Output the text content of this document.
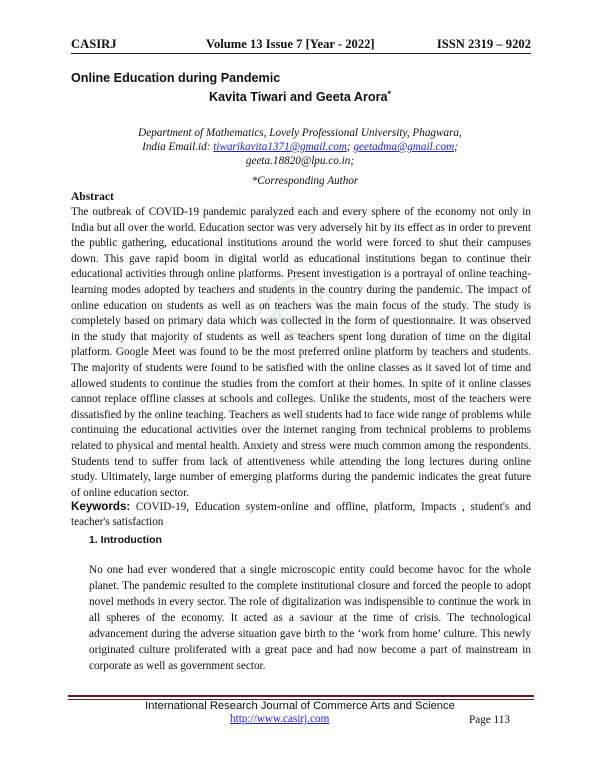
CASIRJ	Volume 13 Issue 7 [Year - 2022]	ISSN 2319 – 9202
Online Education during Pandemic
Kavita Tiwari and Geeta Arora*
Department of Mathematics, Lovely Professional University, Phagwara,
India Email.id: tiwarikavita1371@gmail.com; geetadma@gmail.com;
geeta.18820@lpu.co.in;
*Corresponding Author
Abstract

The outbreak of COVID-19 pandemic paralyzed each and every sphere of the economy not only in India but all over the world. Education sector was very adversely hit by its effect as in order to prevent the public gathering, educational institutions around the world were forced to shut their campuses down. This gave rapid boom in digital world as educational institutions began to continue their educational activities through online platforms. Present investigation is a portrayal of online teaching-learning modes adopted by teachers and students in the country during the pandemic. The impact of online education on students as well as on teachers was the main focus of the study. The study is completely based on primary data which was collected in the form of questionnaire. It was observed in the study that majority of students as well as teachers spent long duration of time on the digital platform. Google Meet was found to be the most preferred online platform by teachers and students. The majority of students were found to be satisfied with the online classes as it saved lot of time and allowed students to continue the studies from the comfort at their homes. In spite of it online classes cannot replace offline classes at schools and colleges. Unlike the students, most of the teachers were dissatisfied by the online teaching. Teachers as well students had to face wide range of problems while continuing the educational activities over the internet ranging from technical problems to problems related to physical and mental health. Anxiety and stress were much common among the respondents. Students tend to suffer from lack of attentiveness while attending the long lectures during online study. Ultimately, large number of emerging platforms during the pandemic indicates the great future of online education sector.

Keywords: COVID-19, Education system-online and offline, platform, Impacts , student's and teacher's satisfaction

1. Introduction

No one had ever wondered that a single microscopic entity could become havoc for the whole planet. The pandemic resulted to the complete institutional closure and forced the people to adopt novel methods in every sector. The role of digitalization was indispensible to continue the work in all spheres of the economy. It acted as a saviour at the time of crisis. The technological advancement during the adverse situation gave birth to the ‘work from home’ culture. This newly originated culture proliferated with a great pace and had now become a part of mainstream in corporate as well as government sector.

International Research Journal of Commerce Arts and Science
http://www.casirj.com	Page 113
